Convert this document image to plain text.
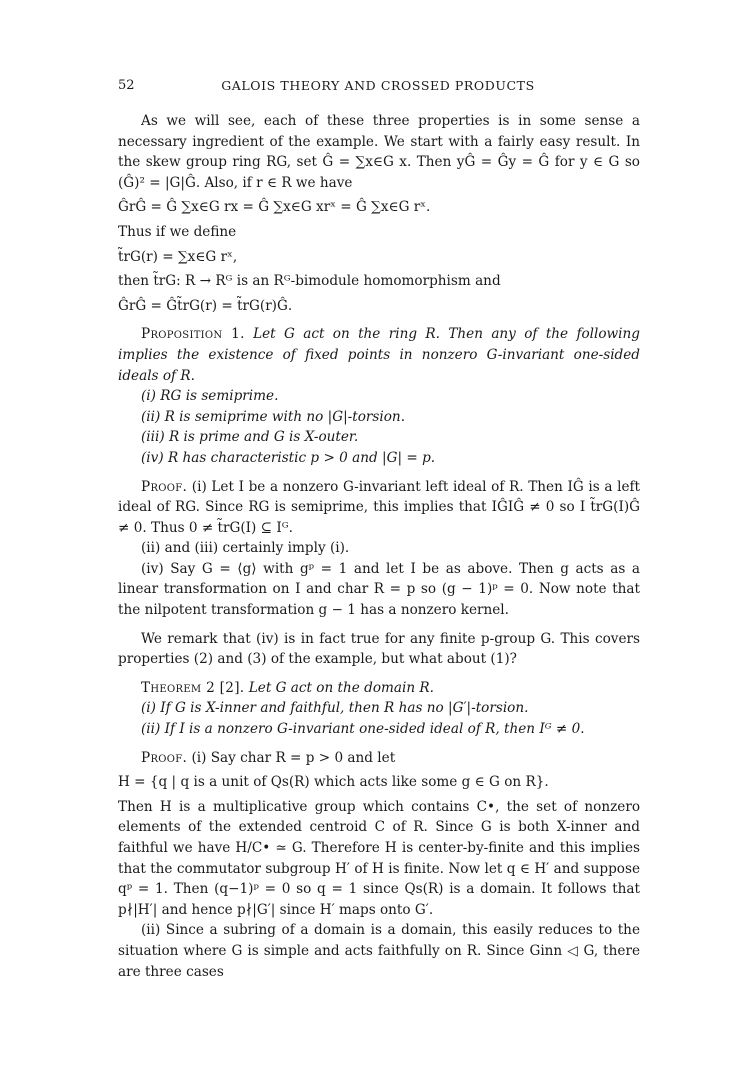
52	GALOIS THEORY AND CROSSED PRODUCTS

As we will see, each of these three properties is in some sense a necessary ingredient of the example. We start with a fairly easy result. In the skew group ring RG, set Ĝ = ∑x∈G x. Then yĜ = Ĝy = Ĝ for y ∈ G so (Ĝ)² = |G|Ĝ. Also, if r ∈ R we have

ĜrĜ = Ĝ ∑x∈G rx = Ĝ ∑x∈G xrˣ = Ĝ ∑x∈G rˣ.

Thus if we define

t̃rG(r) = ∑x∈G rˣ,

then t̃rG: R → Rᴳ is an Rᴳ-bimodule homomorphism and

ĜrĜ = Ĝt̃rG(r) = t̃rG(r)Ĝ.

Proposition 1. Let G act on the ring R. Then any of the following implies the existence of fixed points in nonzero G-invariant one-sided ideals of R.

(i) RG is semiprime.

(ii) R is semiprime with no |G|-torsion.

(iii) R is prime and G is X-outer.

(iv) R has characteristic p > 0 and |G| = p.

Proof. (i) Let I be a nonzero G-invariant left ideal of R. Then IĜ is a left ideal of RG. Since RG is semiprime, this implies that IĜIĜ ≠ 0 so I t̃rG(I)Ĝ ≠ 0. Thus 0 ≠ t̃rG(I) ⊆ Iᴳ.

(ii) and (iii) certainly imply (i).

(iv) Say G = ⟨g⟩ with gᵖ = 1 and let I be as above. Then g acts as a linear transformation on I and char R = p so (g − 1)ᵖ = 0. Now note that the nilpotent transformation g − 1 has a nonzero kernel.

We remark that (iv) is in fact true for any finite p-group G. This covers properties (2) and (3) of the example, but what about (1)?

Theorem 2 [2]. Let G act on the domain R.

(i) If G is X-inner and faithful, then R has no |G′|-torsion.

(ii) If I is a nonzero G-invariant one-sided ideal of R, then Iᴳ ≠ 0.

Proof. (i) Say char R = p > 0 and let

H = {q | q is a unit of Qs(R) which acts like some g ∈ G on R}.

Then H is a multiplicative group which contains C•, the set of nonzero elements of the extended centroid C of R. Since G is both X-inner and faithful we have H/C• ≃ G. Therefore H is center-by-finite and this implies that the commutator subgroup H′ of H is finite. Now let q ∈ H′ and suppose qᵖ = 1. Then (q−1)ᵖ = 0 so q = 1 since Qs(R) is a domain. It follows that p∤|H′| and hence p∤|G′| since H′ maps onto G′.

(ii) Since a subring of a domain is a domain, this easily reduces to the situation where G is simple and acts faithfully on R. Since Ginn ◁ G, there are three cases
